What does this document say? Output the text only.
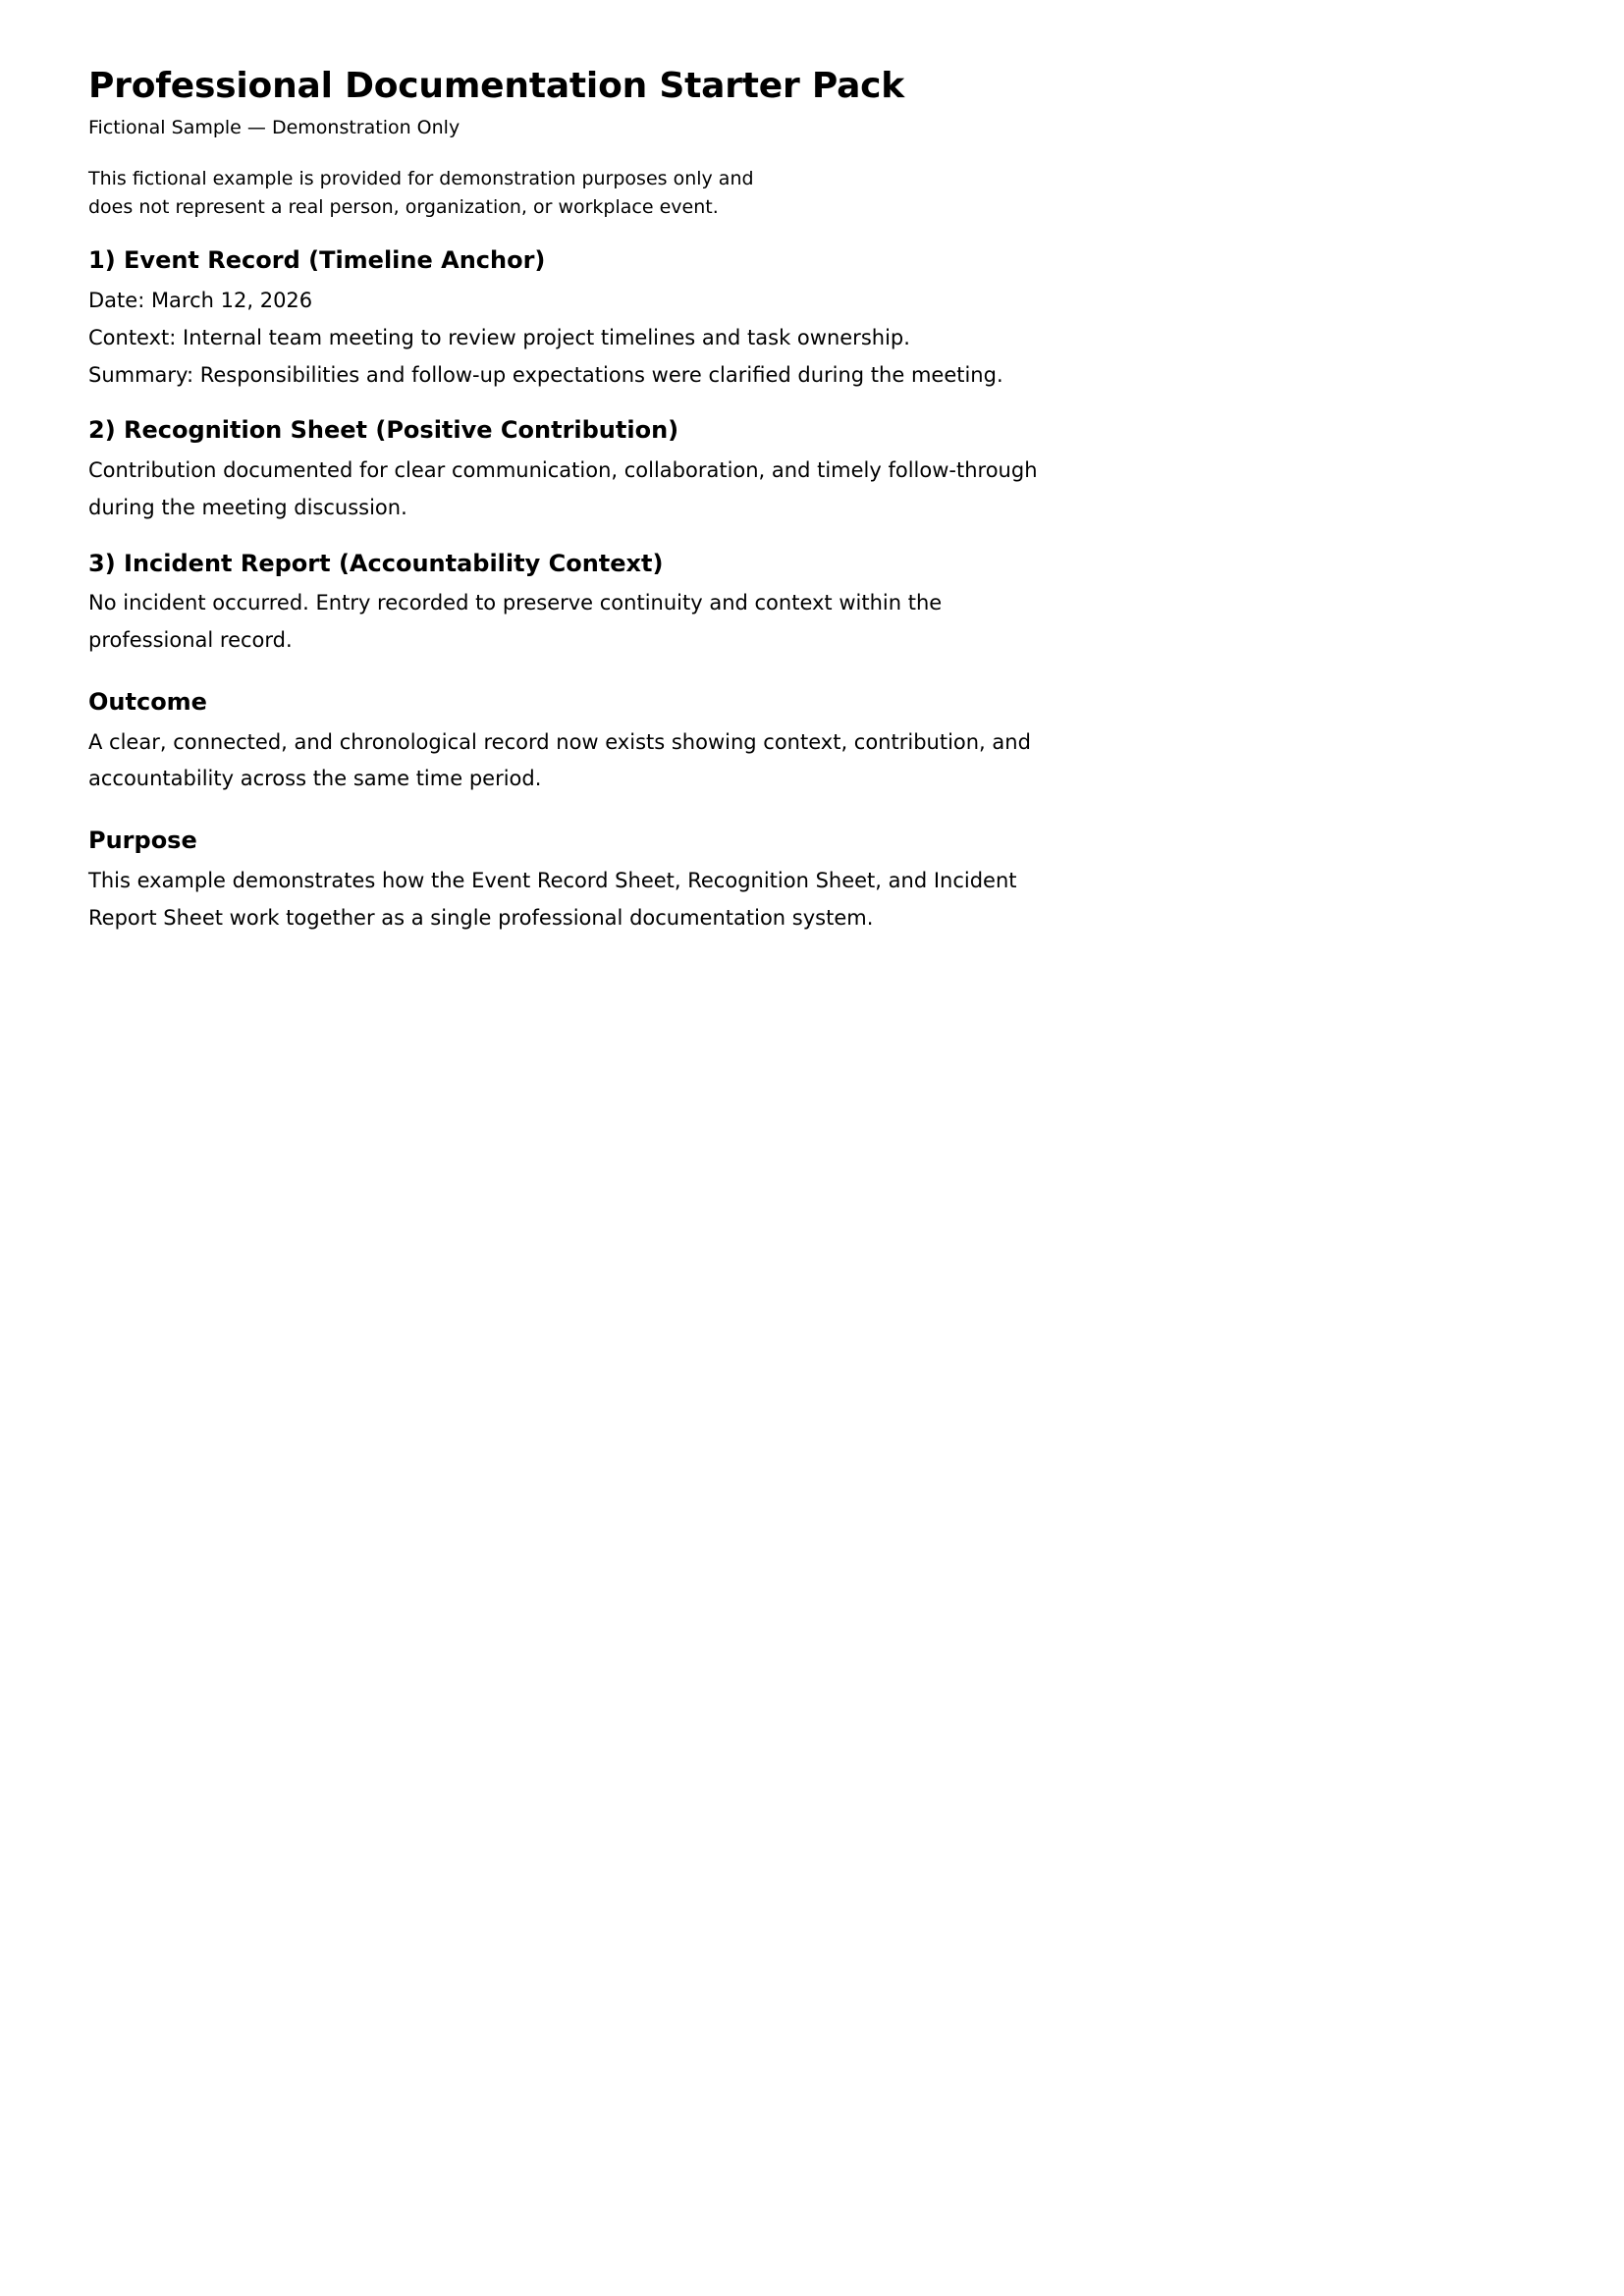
Professional Documentation Starter Pack
Fictional Sample — Demonstration Only

This fictional example is provided for demonstration purposes only and
does not represent a real person, organization, or workplace event.

1) Event Record (Timeline Anchor)

Date: March 12, 2026
Context: Internal team meeting to review project timelines and task ownership.
Summary: Responsibilities and follow-up expectations were clarified during the meeting.

2) Recognition Sheet (Positive Contribution)

Contribution documented for clear communication, collaboration, and timely follow-through during the meeting discussion.

3) Incident Report (Accountability Context)

No incident occurred. Entry recorded to preserve continuity and context within the professional record.

Outcome

A clear, connected, and chronological record now exists showing context, contribution, and accountability across the same time period.

Purpose

This example demonstrates how the Event Record Sheet, Recognition Sheet, and Incident Report Sheet work together as a single professional documentation system.
